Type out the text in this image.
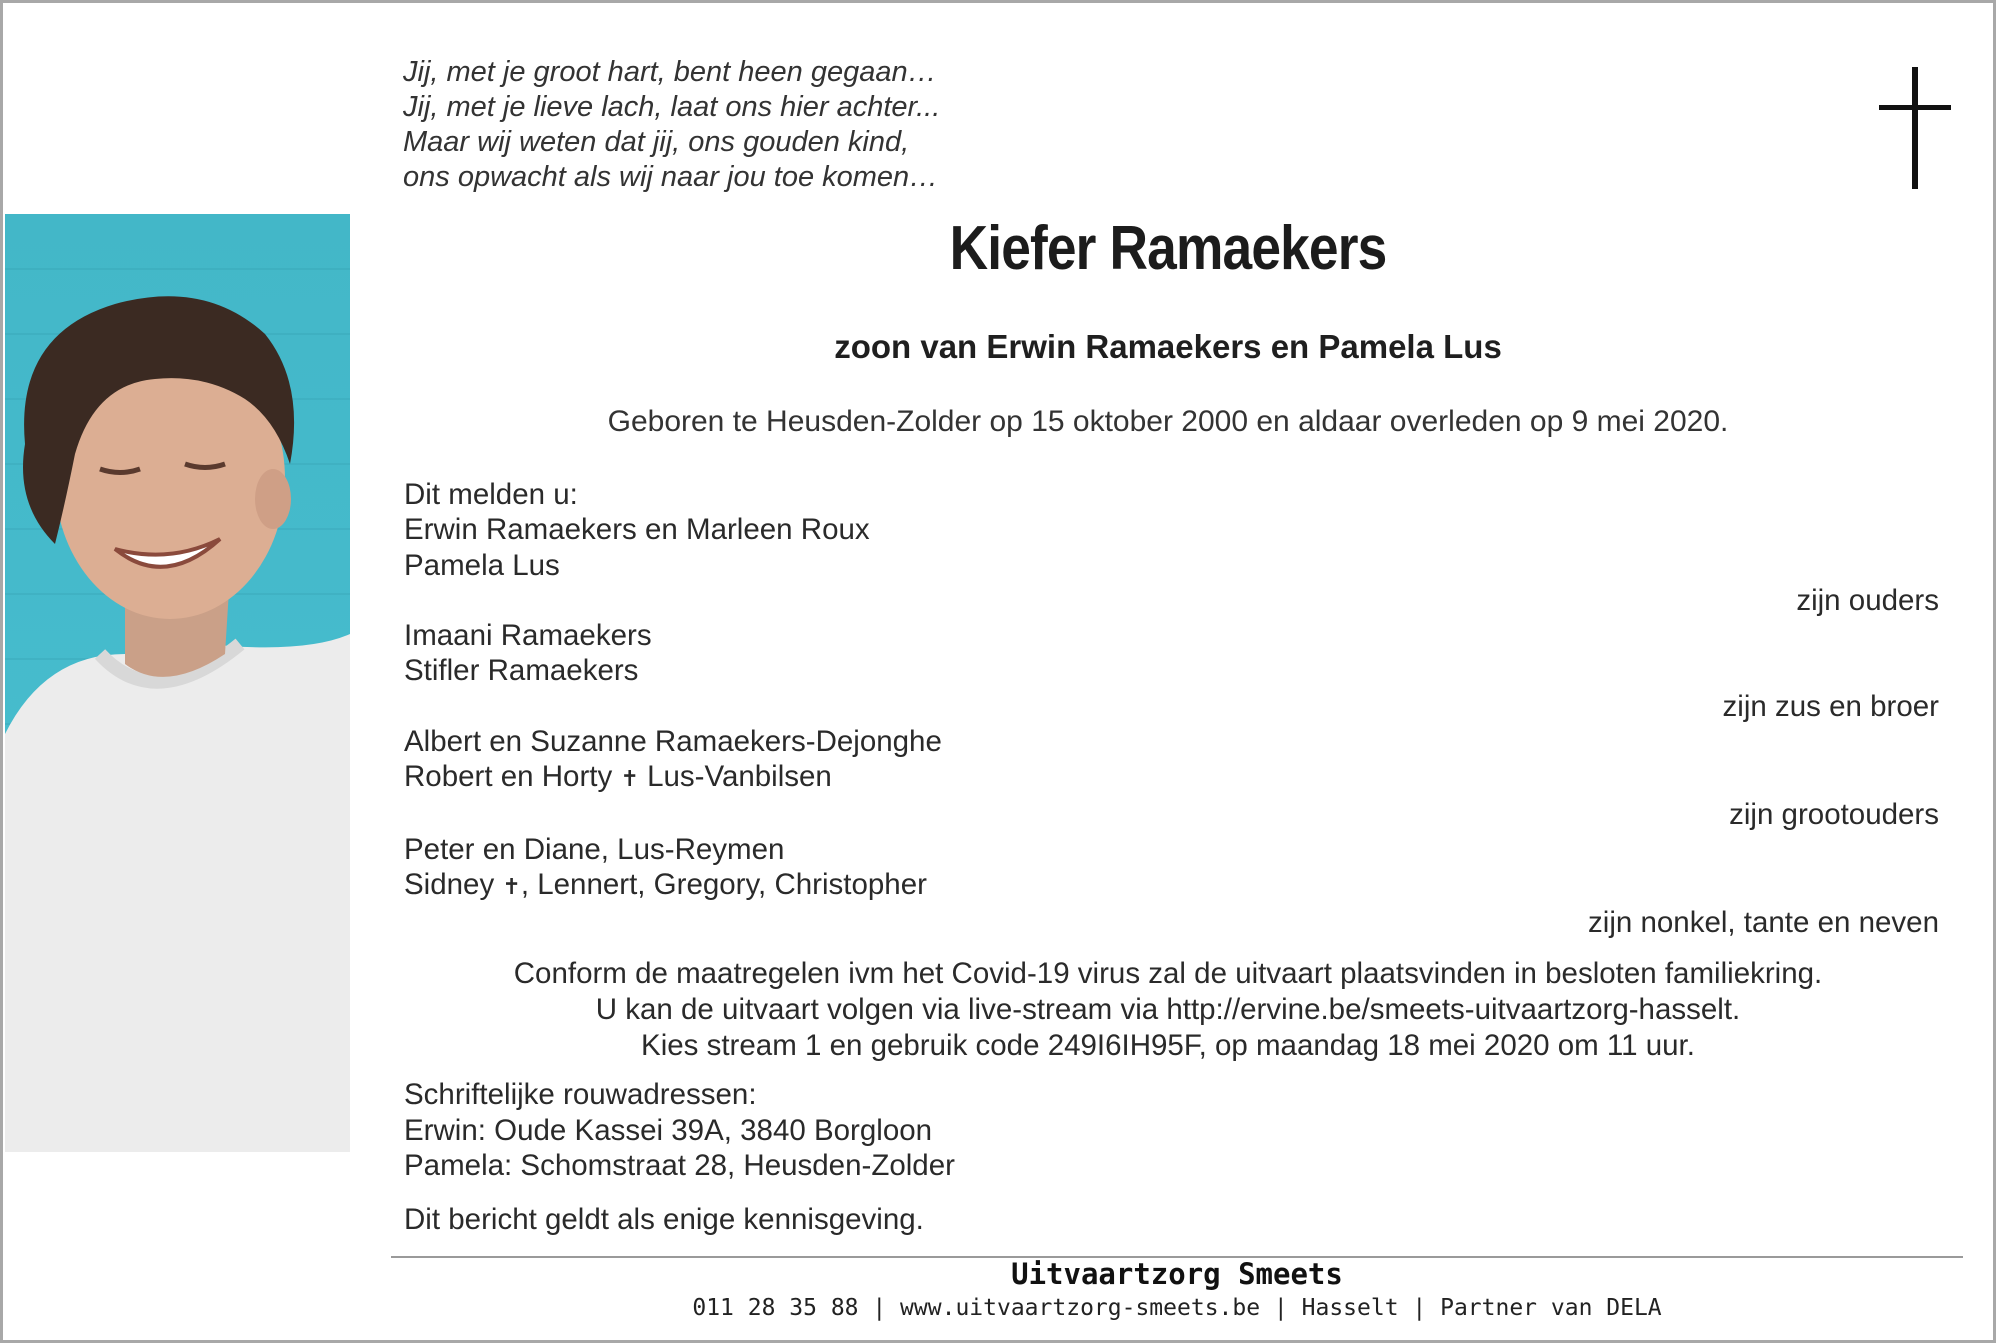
Jij, met je groot hart, bent heen gegaan…
Jij, met je lieve lach, laat ons hier achter...
Maar wij weten dat jij, ons gouden kind,
ons opwacht als wij naar jou toe komen…
Kiefer Ramaekers
zoon van Erwin Ramaekers en Pamela Lus
Geboren te Heusden-Zolder op 15 oktober 2000 en aldaar overleden op 9 mei 2020.
Dit melden u:
Erwin Ramaekers en Marleen Roux
Pamela Lus
zijn ouders
Imaani Ramaekers
Stifler Ramaekers
zijn zus en broer
Albert en Suzanne Ramaekers-Dejonghe
Robert en Horty ✝ Lus-Vanbilsen
zijn grootouders
Peter en Diane, Lus-Reymen
Sidney ✝, Lennert, Gregory, Christopher
zijn nonkel, tante en neven
Conform de maatregelen ivm het Covid-19 virus zal de uitvaart plaatsvinden in besloten familiekring.
U kan de uitvaart volgen via live-stream via http://ervine.be/smeets-uitvaartzorg-hasselt.
Kies stream 1 en gebruik code 249I6IH95F, op maandag 18 mei 2020 om 11 uur.
Schriftelijke rouwadressen:
Erwin: Oude Kassei 39A, 3840 Borgloon
Pamela: Schomstraat 28, Heusden-Zolder
Dit bericht geldt als enige kennisgeving.
Uitvaartzorg Smeets
011 28 35 88 | www.uitvaartzorg-smeets.be | Hasselt | Partner van DELA
